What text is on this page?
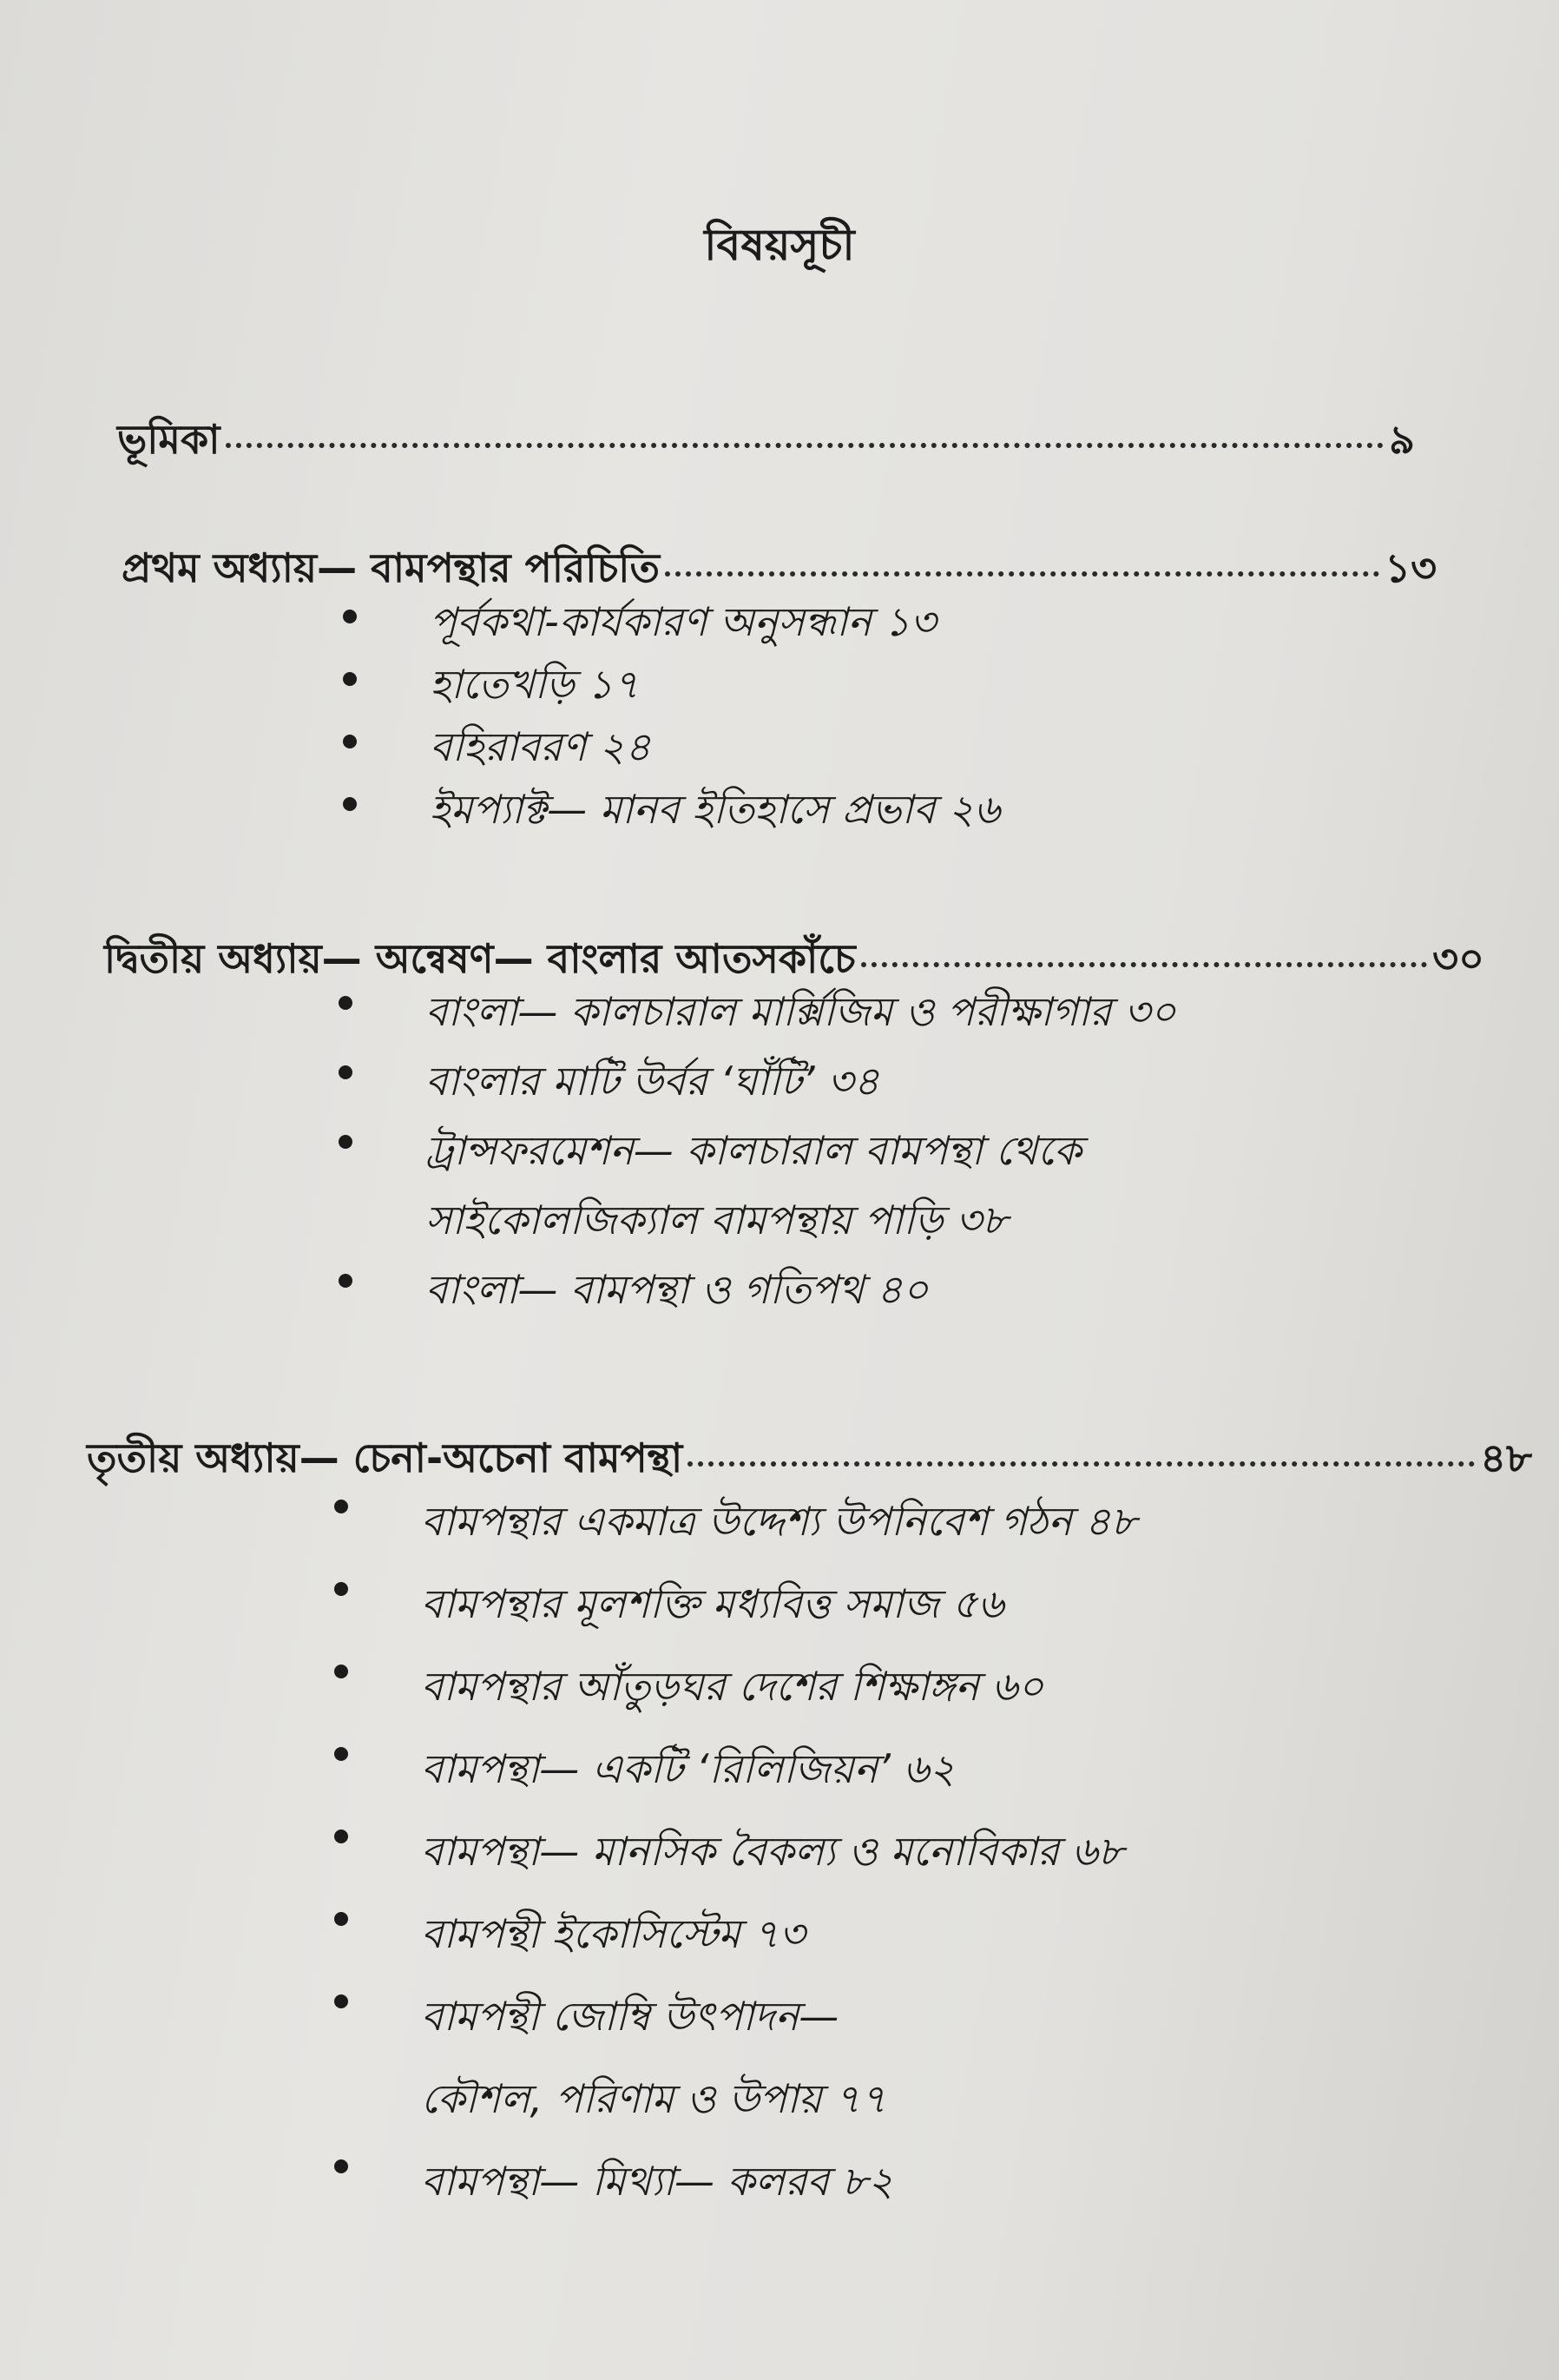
বিষয়সূচী
ভূমিকা	৯
প্রথম অধ্যায়— বামপন্থার পরিচিতি	১৩
পূর্বকথা-কার্যকারণ অনুসন্ধান ১৩
হাতেখড়ি ১৭
বহিরাবরণ ২৪
ইমপ্যাক্ট— মানব ইতিহাসে প্রভাব ২৬
দ্বিতীয় অধ্যায়— অন্বেষণ— বাংলার আতসকাঁচে	৩০
বাংলা— কালচারাল মার্ক্সিজিম ও পরীক্ষাগার ৩০
বাংলার মাটি উর্বর ‘ঘাঁটি’ ৩৪
ট্রান্সফরমেশন— কালচারাল বামপন্থা থেকে
সাইকোলজিক্যাল বামপন্থায় পাড়ি ৩৮
বাংলা— বামপন্থা ও গতিপথ ৪০
তৃতীয় অধ্যায়— চেনা-অচেনা বামপন্থা	৪৮
বামপন্থার একমাত্র উদ্দেশ্য উপনিবেশ গঠন ৪৮
বামপন্থার মূলশক্তি মধ্যবিত্ত সমাজ ৫৬
বামপন্থার আঁতুড়ঘর দেশের শিক্ষাঙ্গন ৬০
বামপন্থা— একটি ‘রিলিজিয়ন’ ৬২
বামপন্থা— মানসিক বৈকল্য ও মনোবিকার ৬৮
বামপন্থী ইকোসিস্টেম ৭৩
বামপন্থী জোম্বি উৎপাদন—
কৌশল, পরিণাম ও উপায় ৭৭
বামপন্থা— মিথ্যা— কলরব ৮২
